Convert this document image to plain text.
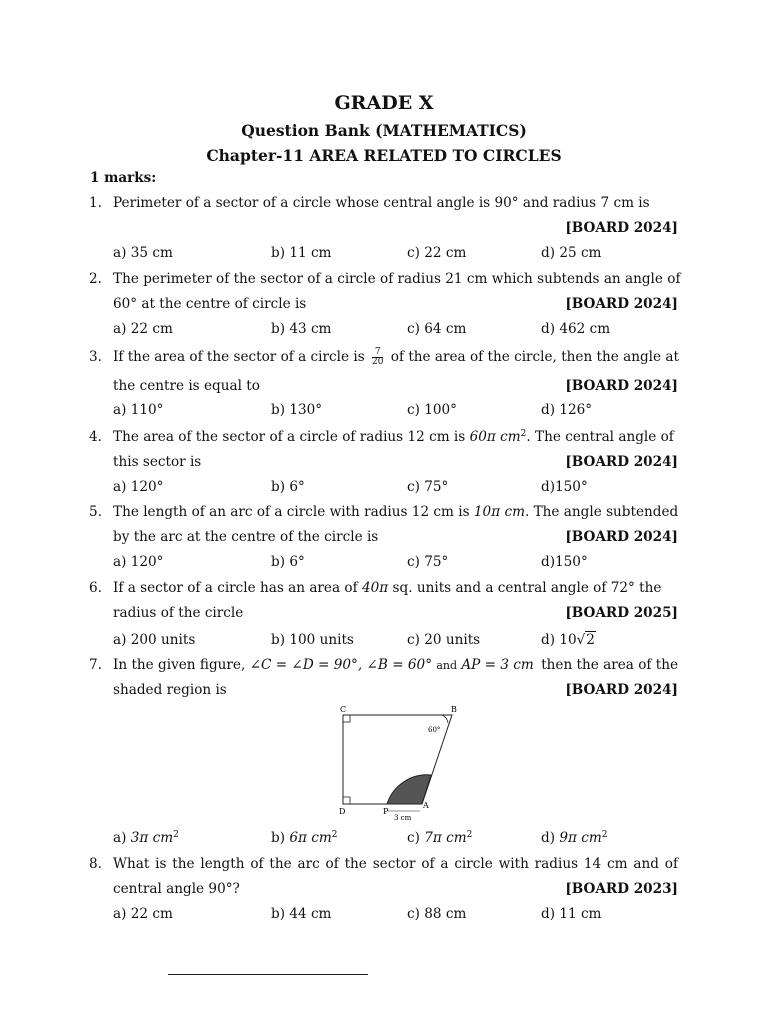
GRADE X
Question Bank (MATHEMATICS)
Chapter-11 AREA RELATED TO CIRCLES
1 marks:
1. Perimeter of a sector of a circle whose central angle is 90° and radius 7 cm is
[BOARD 2024]
a) 35 cm	b) 11 cm	c) 22 cm	d) 25 cm
2. The perimeter of the sector of a circle of radius 21 cm which subtends an angle of
60° at the centre of circle is	[BOARD 2024]
a) 22 cm	b) 43 cm	c) 64 cm	d) 462 cm
3. If the area of the sector of a circle is $\frac{7}{20}$ of the area of the circle, then the angle at
the centre is equal to	[BOARD 2024]
a) 110°	b) 130°	c) 100°	d) 126°
4. The area of the sector of a circle of radius 12 cm is 60π $cm^2$. The central angle of
this sector is	[BOARD 2024]
a) 120°	b) 6°	c) 75°	d)150°
5. The length of an arc of a circle with radius 12 cm is 10π cm. The angle subtended
by the arc at the centre of the circle is	[BOARD 2024]
a) 120°	b) 6°	c) 75°	d)150°
6. If a sector of a circle has an area of 40π sq. units and a central angle of 72° the
radius of the circle	[BOARD 2025]
a) 200 units	b) 100 units	c) 20 units	d) 10√2
7. In the given figure, ∠C = ∠D = 90°, ∠B = 60° and AP = 3 cm then the area of the
shaded region is	[BOARD 2024]
C	B
60°
D	P
A
3 cm
a) 3π $cm^2$	b) 6π $cm^2$	c) 7π $cm^2$	d) 9π $cm^2$
8. What is the length of the arc of the sector of a circle with radius 14 cm and of
central angle 90°?	[BOARD 2023]
a) 22 cm	b) 44 cm	c) 88 cm	d) 11 cm
